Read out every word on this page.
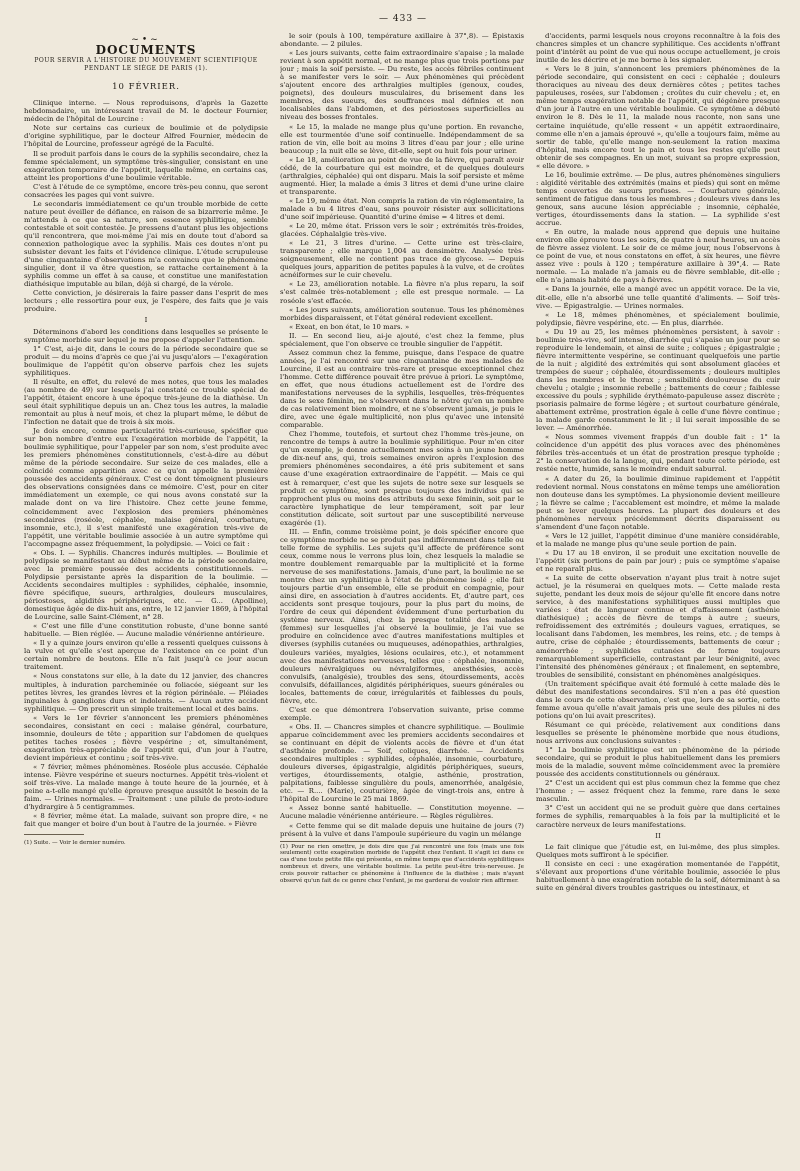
— 433 —
~•~
DOCUMENTS
POUR SERVIR A L'HISTOIRE DU MOUVEMENT SCIENTIFIQUE PENDANT LE SIÈGE DE PARIS (1).
10 FÉVRIER.

Clinique interne. — Nous reproduisons, d'après la Gazette hebdomadaire, un intéressant travail de M. le docteur Fournier, médecin de l'hôpital de Lourcine :

Note sur certains cas curieux de boulimie et de polydipsie d'origine syphilitique, par le docteur Alfred Fournier, médecin de l'hôpital de Lourcine, professeur agrégé de la Faculté.

Il se produit parfois dans le cours de la syphilis secondaire, chez la femme spécialement, un symptôme très-singulier, consistant en une exagération temporaire de l'appétit, laquelle même, en certains cas, atteint les proportions d'une boulimie véritable.

C'est à l'étude de ce symptôme, encore très-peu connu, que seront consacrées les pages qui vont suivre.

Le secondaris immédiatement ce qu'un trouble morbide de cette nature peut éveiller de défiance, en raison de sa bizarrerie même. Je m'attends à ce que sa nature, son essence syphilitique, semble contestable et soit contestée. Je pressens d'autant plus les objections qu'il rencontrera, que moi-même j'ai mis en doute tout d'abord sa connexion pathologique avec la syphilis. Mais ces doutes n'ont pu subsister devant les faits et l'évidence clinique. L'étude scrupuleuse d'une cinquantaine d'observations m'a convaincu que le phénomène singulier, dont il va être question, se rattache certainement à la syphilis comme un effet à sa cause, et constitue une manifestation diathésique imputable au bilan, déjà si chargé, de la vérole.

Cette conviction, je désirerais la faire passer dans l'esprit de mes lecteurs ; elle ressortira pour eux, je l'espère, des faits que je vais produire.

I

Déterminons d'abord les conditions dans lesquelles se présente le symptôme morbide sur lequel je me propose d'appeler l'attention.

1° C'est, ai-je dit, dans le cours de la période secondaire que se produit — du moins d'après ce que j'ai vu jusqu'alors — l'exagération boulimique de l'appétit qu'on observe parfois chez les sujets syphilitiques.

Il résulte, en effet, du relevé de mes notes, que tous les malades (au nombre de 49) sur lesquels j'ai constaté ce trouble spécial de l'appétit, étaient encore à une époque très-jeune de la diathèse. Un seul était syphilitique depuis un an. Chez tous les autres, la maladie remontait au plus à neuf mois, et chez la plupart même, le début de l'infection ne datait que de trois à six mois.

Je dois encore, comme particularité très-curieuse, spécifier que sur bon nombre d'entre eux l'exagération morbide de l'appétit, la boulimie syphilitique, pour l'appeler par son nom, s'est produite avec les premiers phénomènes constitutionnels, c'est-à-dire au début même de la période secondaire. Sur seize de ces malades, elle a coïncidé comme apparition avec ce qu'on appelle la première poussée des accidents généraux. C'est ce dont témoignent plusieurs des observations consignées dans ce mémoire. C'est, pour en citer immédiatement un exemple, ce qui nous avons constaté sur la malade dont on va lire l'histoire. Chez cette jeune femme, coïncidemment avec l'explosion des premiers phénomènes secondaires (roséole, céphalée, malaise général, courbature, insomnie, etc.), il s'est manifesté une exagération très-vive de l'appétit, une véritable boulimie associée à un autre symptôme qui l'accompagne assez fréquemment, la polydipsie. — Voici ce fait :

« Obs. I. — Syphilis. Chancres indurés multiples. — Boulimie et polydipsie se manifestant au début même de la période secondaire, avec la première poussée des accidents constitutionnels. — Polydipsie persistante après la disparition de la boulimie. — Accidents secondaires multiples : syphilides, céphalée, insomnie, fièvre spécifique, sueurs, arthralgies, douleurs musculaires, périostoses, algidités périphériques, etc. — G... (Apolline), domestique âgée de dix-huit ans, entre, le 12 janvier 1869, à l'hôpital de Lourcine, salle Saint-Clément, n° 28.

« C'est une fille d'une constitution robuste, d'une bonne santé habituelle. — Bien réglée. — Aucune maladie vénérienne antérieure.

« Il y a quinze jours environ qu'elle a ressenti quelques cuissons à la vulve et qu'elle s'est aperçue de l'existence en ce point d'un certain nombre de boutons. Elle n'a fait jusqu'à ce jour aucun traitement.

« Nous constatons sur elle, à la date du 12 janvier, des chancres multiples, à induration parcheminée ou foliacée, siégeant sur les petites lèvres, les grandes lèvres et la région périnéale. — Pléiades inguinales à ganglions durs et indolents. — Aucun autre accident syphilitique. — On prescrit un simple traitement local et des bains.

« Vers le 1er février s'annoncent les premiers phénomènes secondaires, consistant en ceci : malaise général, courbature, insomnie, douleurs de tête ; apparition sur l'abdomen de quelques petites taches rosées ; fièvre vespérine ; et, simultanément, exagération très-appréciable de l'appétit qui, d'un jour à l'autre, devient impérieux et continu ; soif très-vive.

« 7 février, mêmes phénomènes. Roséole plus accusée. Céphalée intense. Fièvre vespérine et sueurs nocturnes. Appétit très-violent et soif très-vive. La malade mange à toute heure de la journée, et à peine a-t-elle mangé qu'elle éprouve presque aussitôt le besoin de la faim. — Urines normales. — Traitement : une pilule de proto-iodure d'hydrargire à 5 centigrammes.

« 8 février, même état. La malade, suivant son propre dire, « ne fait que manger et boire d'un bout à l'autre de la journée. » Fièvre

(1) Suite. — Voir le dernier numéro.

le soir (pouls à 100, température axillaire à 37°,8). — Épistaxis abondante. — 2 pilules.

« Les jours suivants, cette faim extraordinaire s'apaise ; la malade revient à son appétit normal, et ne mange plus que trois portions par jour ; mais la soif persiste. — Du reste, les accès fébriles continuent à se manifester vers le soir. — Aux phénomènes qui précèdent s'ajoutent encore des arthralgies multiples (genoux, coudes, poignets), des douleurs musculaires, du brisement dans les membres, des sueurs, des souffrances mal définies et non localisables dans l'abdomen, et des périostoses superficielles au niveau des bosses frontales.

« Le 15, la malade ne mange plus qu'une portion. En revanche, elle est tourmentée d'une soif continuelle. Indépendamment de sa ration de vin, elle boit au moins 3 litres d'eau par jour ; elle urine beaucoup ; la nuit elle se lève, dit-elle, sept ou huit fois pour uriner.

« Le 18, amélioration au point de vue de la fièvre, qui paraît avoir cédé, de la courbature qui est moindre, et de quelques douleurs (arthralgies, céphalée) qui ont disparu. Mais la soif persiste et même augmenté. Hier, la malade a émis 3 litres et demi d'une urine claire et transparente.

« Le 19, même état. Non compris la ration de vin réglementaire, la malade a bu 4 litres d'eau, sans pouvoir résister aux sollicitations d'une soif impérieuse. Quantité d'urine émise = 4 litres et demi.

« Le 20, même état. Frisson vers le soir ; extrémités très-froides, glacées. Céphalalgie très-vive.

« Le 21, 3 litres d'urine. — Cette urine est très-claire, transparente ; elle marque 1,004 au densimètre. Analysée très-soigneusement, elle ne contient pas trace de glycose. — Depuis quelques jours, apparition de petites papules à la vulve, et de croûtes acnéiformes sur le cuir chevelu.

« Le 23, amélioration notable. La fièvre n'a plus reparu, la soif s'est calmée très-notablement ; elle est presque normale. — La roséole s'est effacée.

« Les jours suivants, amélioration soutenue. Tous les phénomènes morbides disparaissent, et l'état général redevient excellent.

« Exeat, en bon état, le 10 mars. »

II. — En second lieu, ai-je ajouté, c'est chez la femme, plus spécialement, que l'on observe ce trouble singulier de l'appétit.

Assez commun chez la femme, puisque, dans l'espace de quatre années, je l'ai rencontré sur une cinquantaine de mes malades de Lourcine, il est au contraire très-rare et presque exceptionnel chez l'homme. Cette différence pouvait être prévue à priori. Le symptôme, en effet, que nous étudions actuellement est de l'ordre des manifestations nerveuses de la syphilis, lesquelles, très-fréquentes dans le sexe féminin, ne s'observent dans le nôtre qu'en un nombre de cas relativement bien moindre, et ne s'observent jamais, je puis le dire, avec une égale multiplicité, non plus qu'avec une intensité comparable.

Chez l'homme, toutefois, et surtout chez l'homme très-jeune, on rencontre de temps à autre la boulimie syphilitique. Pour m'en citer qu'un exemple, je donne actuellement mes soins à un jeune homme de dix-neuf ans, qui, trois semaines environ après l'explosion des premiers phénomènes secondaires, a été pris subitement et sans cause d'une exagération extraordinaire de l'appétit. — Mais ce qui est à remarquer, c'est que les sujets de notre sexe sur lesquels se produit ce symptôme, sont presque toujours des individus qui se rapprochent plus ou moins des attributs du sexe féminin, soit par le caractère lymphatique de leur tempérament, soit par leur constitution délicate, soit surtout par une susceptibilité nerveuse exagérée (1).

III. — Enfin, comme troisième point, je dois spécifier encore que ce symptôme morbide ne se produit pas indifféremment dans telle ou telle forme de syphilis. Les sujets qu'il affecte de préférence sont ceux, comme nous le verrons plus loin, chez lesquels la maladie se montre doublement remarquable par la multiplicité et la forme nerveuse de ses manifestations. Jamais, d'une part, la boulimie ne se montre chez un syphilitique à l'état de phénomène isolé ; elle fait toujours partie d'un ensemble, elle se produit en compagnie, pour ainsi dire, en association à d'autres accidents. Et, d'autre part, ces accidents sont presque toujours, pour la plus part du moins, de l'ordre de ceux qui dépendent évidemment d'une perturbation du système nerveux. Ainsi, chez la presque totalité des malades (femmes) sur lesquelles j'ai observé la boulimie, je l'ai vue se produire en coïncidence avec d'autres manifestations multiples et diverses (syphilis cutanées ou muqueuses, adénopathies, arthralgies, douleurs variées, myalgies, lésions oculaires, etc.), et notamment avec des manifestations nerveuses, telles que : céphalée, insomnie, douleurs névralgiques ou névralgiformes, anesthésies, accès convulsifs, (analgésie), troubles des sens, étourdissements, accès convulsifs, défaillances, algidités périphériques, sueurs générales ou locales, battements de cœur, irrégularités et faiblesses du pouls, fièvre, etc.

C'est ce que démontrera l'observation suivante, prise comme exemple.

« Obs. II. — Chancres simples et chancre syphilitique. — Boulimie apparue coïncidemment avec les premiers accidents secondaires et se continuant en dépit de violents accès de fièvre et d'un état d'asthénie profonde. — Soif, coliques, diarrhée. — Accidents secondaires multiples : syphilides, céphalée, insomnie, courbature, douleurs diverses, épigastralgie, algidités périphériques, sueurs, vertiges, étourdissements, otalgie, asthénie, prostration, palpitations, faiblesse singulière du pouls, amenorrhée, analgésie, etc. — R.... (Marie), couturière, âgée de vingt-trois ans, entre à l'hôpital de Lourcine le 25 mai 1869.

« Assez bonne santé habituelle. — Constitution moyenne. — Aucune maladie vénérienne antérieure. — Règles régulières.

« Cette femme qui se dit malade depuis une huitaine de jours (?) présent à la vulve et dans l'ampoule supérieure du vagin un mélange

(1) Pour ne rien omettre, je dois dire que j'ai rencontré une fois (mais une fois seulement) cette exagération morbide de l'appétit chez l'enfant. Il s'agit ici dans ce cas d'une toute petite fille qui présenta, en même temps que d'accidents syphilitiques nombreux et divers, une véritable boulimie. La petite peut-être très-nerveuse. Je crois pouvoir rattacher ce phénomène à l'influence de la diathèse ; mais n'ayant observé qu'un fait de ce genre chez l'enfant, je me garderai de vouloir rien affirmer.

d'accidents, parmi lesquels nous croyons reconnaître à la fois des chancres simples et un chancre syphilitique. Ces accidents n'offrant point d'intérêt au point de vue qui nous occupe actuellement, je crois inutile de les décrire et je me borne à les signaler.

« Vers le 8 juin, s'annoncent les premiers phénomènes de la période secondaire, qui consistent en ceci : céphalée ; douleurs thoraciques au niveau des deux dernières côtes ; petites taches papuleuses, rosées, sur l'abdomen ; croûtes du cuir chevelu ; et, en même temps exagération notable de l'appétit, qui dégénère presque d'un jour à l'autre en une véritable boulimie. Ce symptôme a débuté environ le 8. Dès le 11, la malade nous raconte, non sans une certaine inquiétude, qu'elle ressent « un appétit extraordinaire, comme elle n'en a jamais éprouvé », qu'elle a toujours faim, même au sortir de table, qu'elle mange non-seulement la ration maxima d'hôpital, mais encore tout le pain et tous les restes qu'elle peut obtenir de ses compagnes. En un mot, suivant sa propre expression, « elle dévore. »

Le 16, boulimie extrême. — De plus, autres phénomènes singuliers : algidité véritable des extrémités (mains et pieds) qui sont en même temps couvertes de sueurs profuses. — Courbature générale, sentiment de fatigue dans tous les membres ; douleurs vives dans les genoux, sans aucune lésion appréciable ; insomnie, céphalée, vertiges, étourdissements dans la station. — La syphilide s'est accrue.

« En outre, la malade nous apprend que depuis une huitaine environ elle éprouve tous les soirs, de quatre à neuf heures, un accès de fièvre assez violent. Le soir de ce même jour, nous l'observons à ce point de vue, et nous constatons en effet, à six heures, une fièvre assez vive : pouls à 120 ; température axillaire à 39°,4. — Rate normale. — La malade n'a jamais eu de fièvre semblable, dit-elle ; elle n'a jamais habité de pays à fièvres.

« Dans la journée, elle a mangé avec un appétit vorace. De la vie, dit-elle, elle n'a absorbé une telle quantité d'aliments. — Soif très-vive. — Épigastralgie. — Urines normales.

« Le 18, mêmes phénomènes, et spécialement boulimie, polydipsie, fièvre vespérine, etc. — En plus, diarrhée.

« Du 19 au 25, les mêmes phénomènes persistent, à savoir : boulimie très-vive, soif intense, diarrhée qui s'apaise un jour pour se reproduire le lendemain, et ainsi de suite ; coliques ; épigastralgie ; fièvre intermittente vespérine, se continuant quelquefois une partie de la nuit ; algidité des extrémités qui sont absolument glacées et trempées de sueur ; céphalée, étourdissements ; douleurs multiples dans les membres et le thorax ; sensibilité douloureuse du cuir chevelu ; otalgie ; insomnie rebelle ; battements de cœur ; faiblesse excessive du pouls ; syphilide érythémato-papuleuse assez discrète ; psoriasis palmaire de forme légère ; et surtout courbature générale, abattement extrême, prostration égale à celle d'une fièvre continue ; la malade garde constamment le lit ; il lui serait impossible de se lever. — Aménorrhée.

« Nous sommes vivement frappés d'un double fait : 1° la coïncidence d'un appétit des plus voraces avec des phénomènes fébriles très-accentués et un état de prostration presque typhoïde ; 2° la conservation de la langue, qui, pendant toute cette période, est restée nette, humide, sans le moindre enduit saburral.

« A dater du 26, la boulimie diminue rapidement et l'appétit redevient normal. Nous constatons en même temps une amélioration non douteuse dans les symptômes. La physionomie devient meilleure ; la fièvre se calme ; l'accablement est moindre, et même la malade peut se lever quelques heures. La plupart des douleurs et des phénomènes nerveux précédemment décrits disparaissent ou s'amendent d'une façon notable.

« Vers le 12 juillet, l'appétit diminue d'une manière considérable, et la malade ne mange plus qu'une seule portion de pain.

« Du 17 au 18 environ, il se produit une excitation nouvelle de l'appétit (six portions de pain par jour) ; puis ce symptôme s'apaise et ne reparaît plus.

« La suite de cette observation n'ayant plus trait à notre sujet actuel, je la résumerai en quelques mots. — Cette malade resta sujette, pendant les deux mois de séjour qu'elle fit encore dans notre service, à des manifestations syphilitiques aussi multiples que variées : état de langueur continue et d'affaissement (asthénie diathésique) ; accès de fièvre de temps à autre ; sueurs, refroidissement des extrémités ; douleurs vagues, erratiques, se localisant dans l'abdomen, les membres, les reins, etc. ; de temps à autre, crise de céphalée ; étourdissements, battements de cœur ; aménorrhée ; syphilides cutanées de forme toujours remarquablement superficielle, contrastant par leur bénignité, avec l'intensité des phénomènes généraux ; et finalement, en septembre, troubles de sensibilité, consistant en phénomènes analgésiques.

(Un traitement spécifique avait été formulé à cette malade dès le début des manifestations secondaires. S'il n'en a pas été question dans le cours de cette observation, c'est que, lors de sa sortie, cette femme avoua qu'elle n'avait jamais pris une seule des pilules ni des potions qu'on lui avait prescrites).

Résumant ce qui précède, relativement aux conditions dans lesquelles se présente le phénomène morbide que nous étudions, nous arrivons aux conclusions suivantes :

1° La boulimie syphilitique est un phénomène de la période secondaire, qui se produit le plus habituellement dans les premiers mois de la maladie, souvent même coïncidemment avec la première poussée des accidents constitutionnels ou généraux.

2° C'est un accident qui est plus commun chez la femme que chez l'homme ; — assez fréquent chez la femme, rare dans le sexe masculin.

3° C'est un accident qui ne se produit guère que dans certaines formes de syphilis, remarquables à la fois par la multiplicité et le caractère nerveux de leurs manifestations.

II

Le fait clinique que j'étudie est, en lui-même, des plus simples. Quelques mots suffiront à le spécifier.

Il consiste en ceci : une exagération momentanée de l'appétit, s'élevant aux proportions d'une véritable boulimie, associée le plus habituellement à une exagération notable de la soif, déterminant à sa suite en général divers troubles gastriques ou intestinaux, et
